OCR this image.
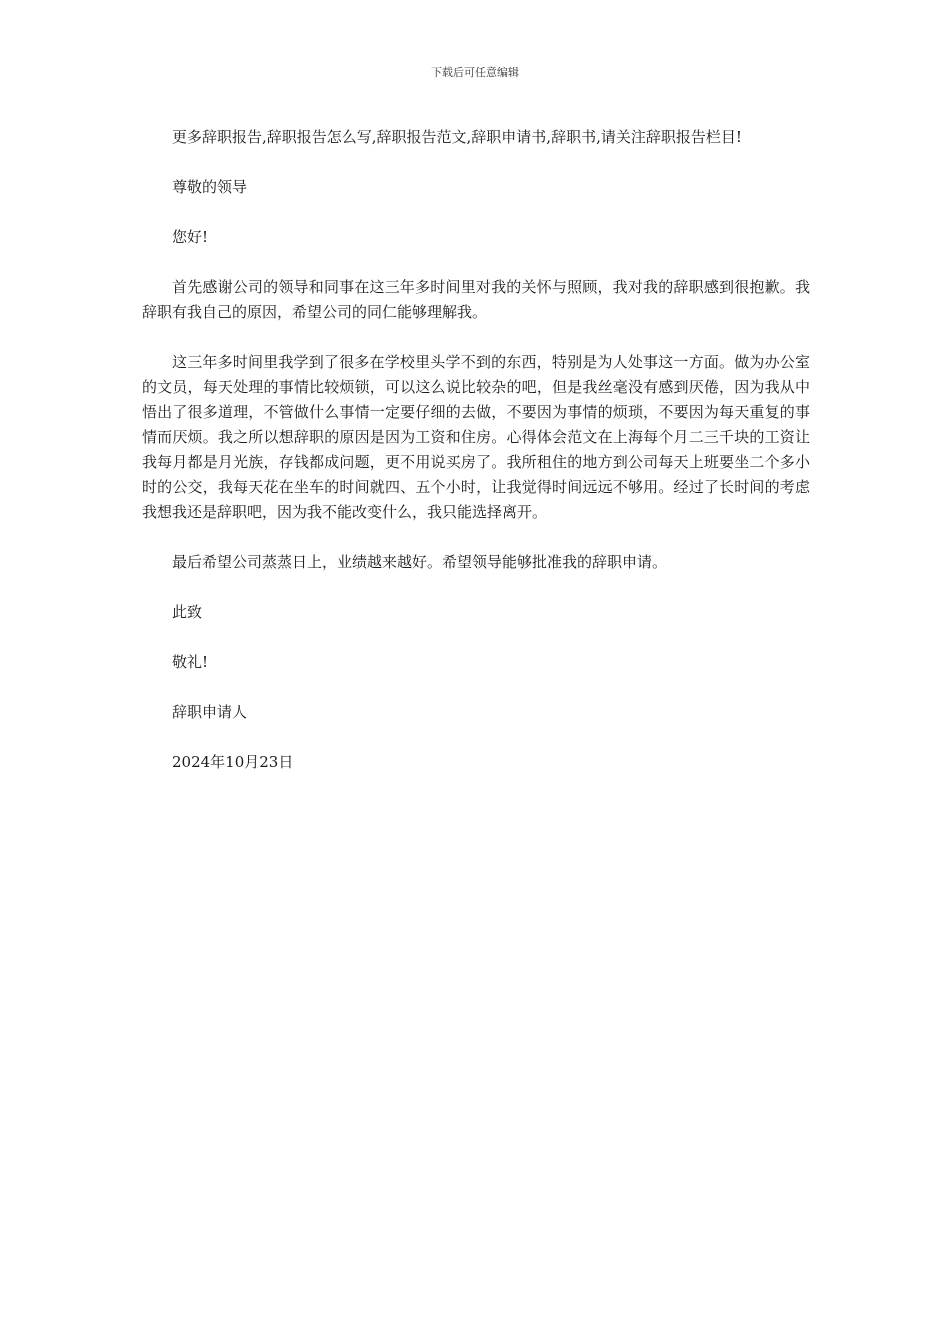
下载后可任意编辑

更多辞职报告,辞职报告怎么写,辞职报告范文,辞职申请书,辞职书,请关注辞职报告栏目!

尊敬的领导

您好!

首先感谢公司的领导和同事在这三年多时间里对我的关怀与照顾，我对我的辞职感到很抱歉。我辞职有我自己的原因，希望公司的同仁能够理解我。

这三年多时间里我学到了很多在学校里头学不到的东西，特别是为人处事这一方面。做为办公室的文员，每天处理的事情比较烦锁，可以这么说比较杂的吧，但是我丝毫没有感到厌倦，因为我从中悟出了很多道理，不管做什么事情一定要仔细的去做，不要因为事情的烦琐，不要因为每天重复的事情而厌烦。我之所以想辞职的原因是因为工资和住房。心得体会范文在上海每个月二三千块的工资让我每月都是月光族，存钱都成问题，更不用说买房了。我所租住的地方到公司每天上班要坐二个多小时的公交，我每天花在坐车的时间就四、五个小时，让我觉得时间远远不够用。经过了长时间的考虑我想我还是辞职吧，因为我不能改变什么，我只能选择离开。

最后希望公司蒸蒸日上，业绩越来越好。希望领导能够批准我的辞职申请。

此致

敬礼!

辞职申请人

2024年10月23日
